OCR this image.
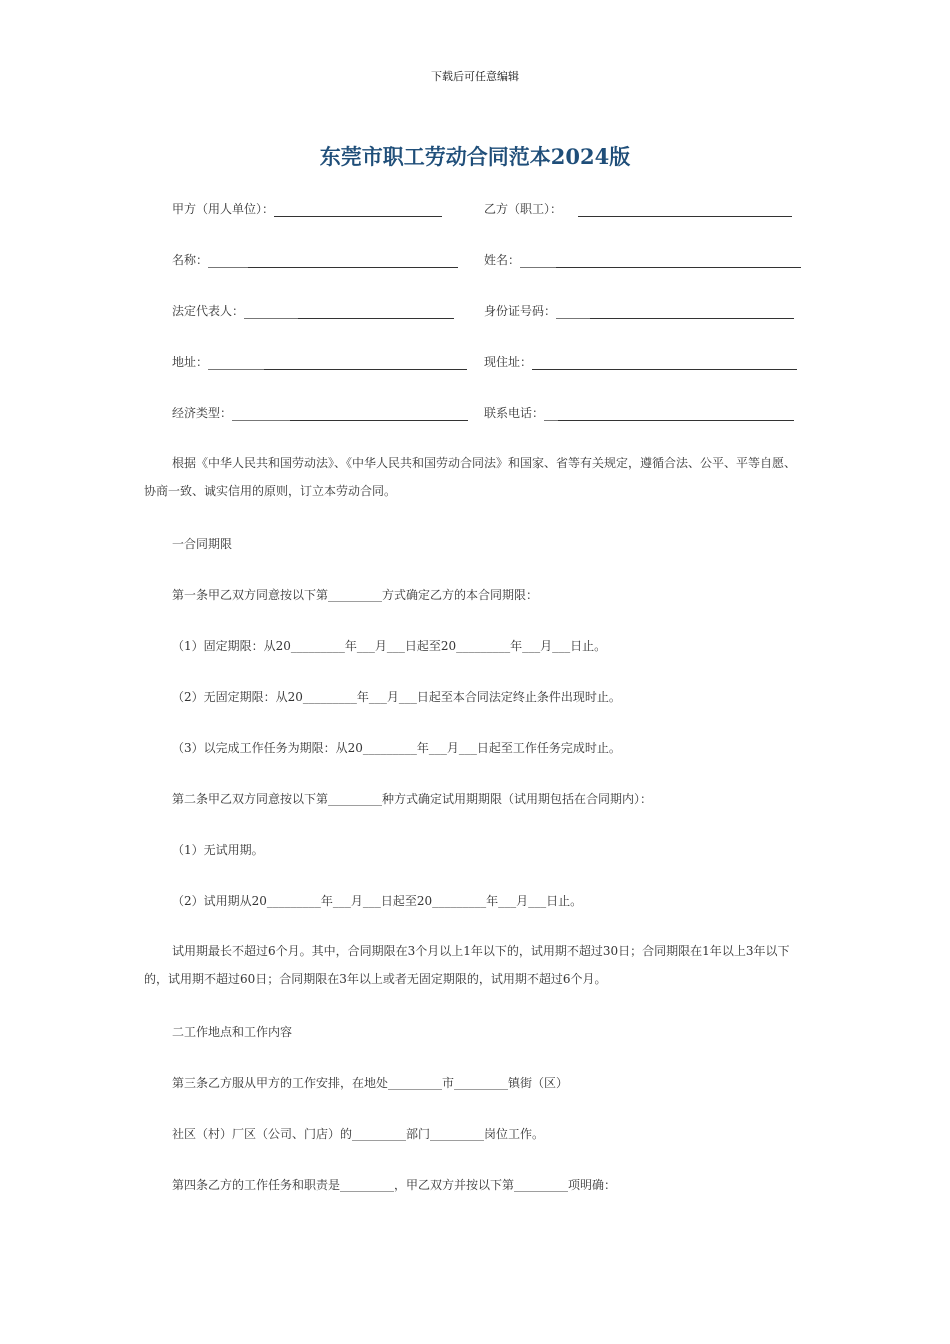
下载后可任意编辑
东莞市职工劳动合同范本2024版
甲方（用人单位）：	乙方（职工）：
名称：	姓名：
法定代表人：	身份证号码：
地址：	现住址：
经济类型：	联系电话：
根据《中华人民共和国劳动法》、《中华人民共和国劳动合同法》和国家、省等有关规定，遵循合法、公平、平等自愿、协商一致、诚实信用的原则，订立本劳动合同。
一合同期限
第一条甲乙双方同意按以下第_________方式确定乙方的本合同期限：
（1）固定期限：从20_________年___月___日起至20_________年___月___日止。
（2）无固定期限：从20_________年___月___日起至本合同法定终止条件出现时止。
（3）以完成工作任务为期限：从20_________年___月___日起至工作任务完成时止。
第二条甲乙双方同意按以下第_________种方式确定试用期期限（试用期包括在合同期内）：
（1）无试用期。
（2）试用期从20_________年___月___日起至20_________年___月___日止。
试用期最长不超过6个月。其中，合同期限在3个月以上1年以下的，试用期不超过30日；合同期限在1年以上3年以下的，试用期不超过60日；合同期限在3年以上或者无固定期限的，试用期不超过6个月。
二工作地点和工作内容
第三条乙方服从甲方的工作安排，在地处_________市_________镇街（区）
社区（村）厂区（公司、门店）的_________部门_________岗位工作。
第四条乙方的工作任务和职责是_________，甲乙双方并按以下第_________项明确：
